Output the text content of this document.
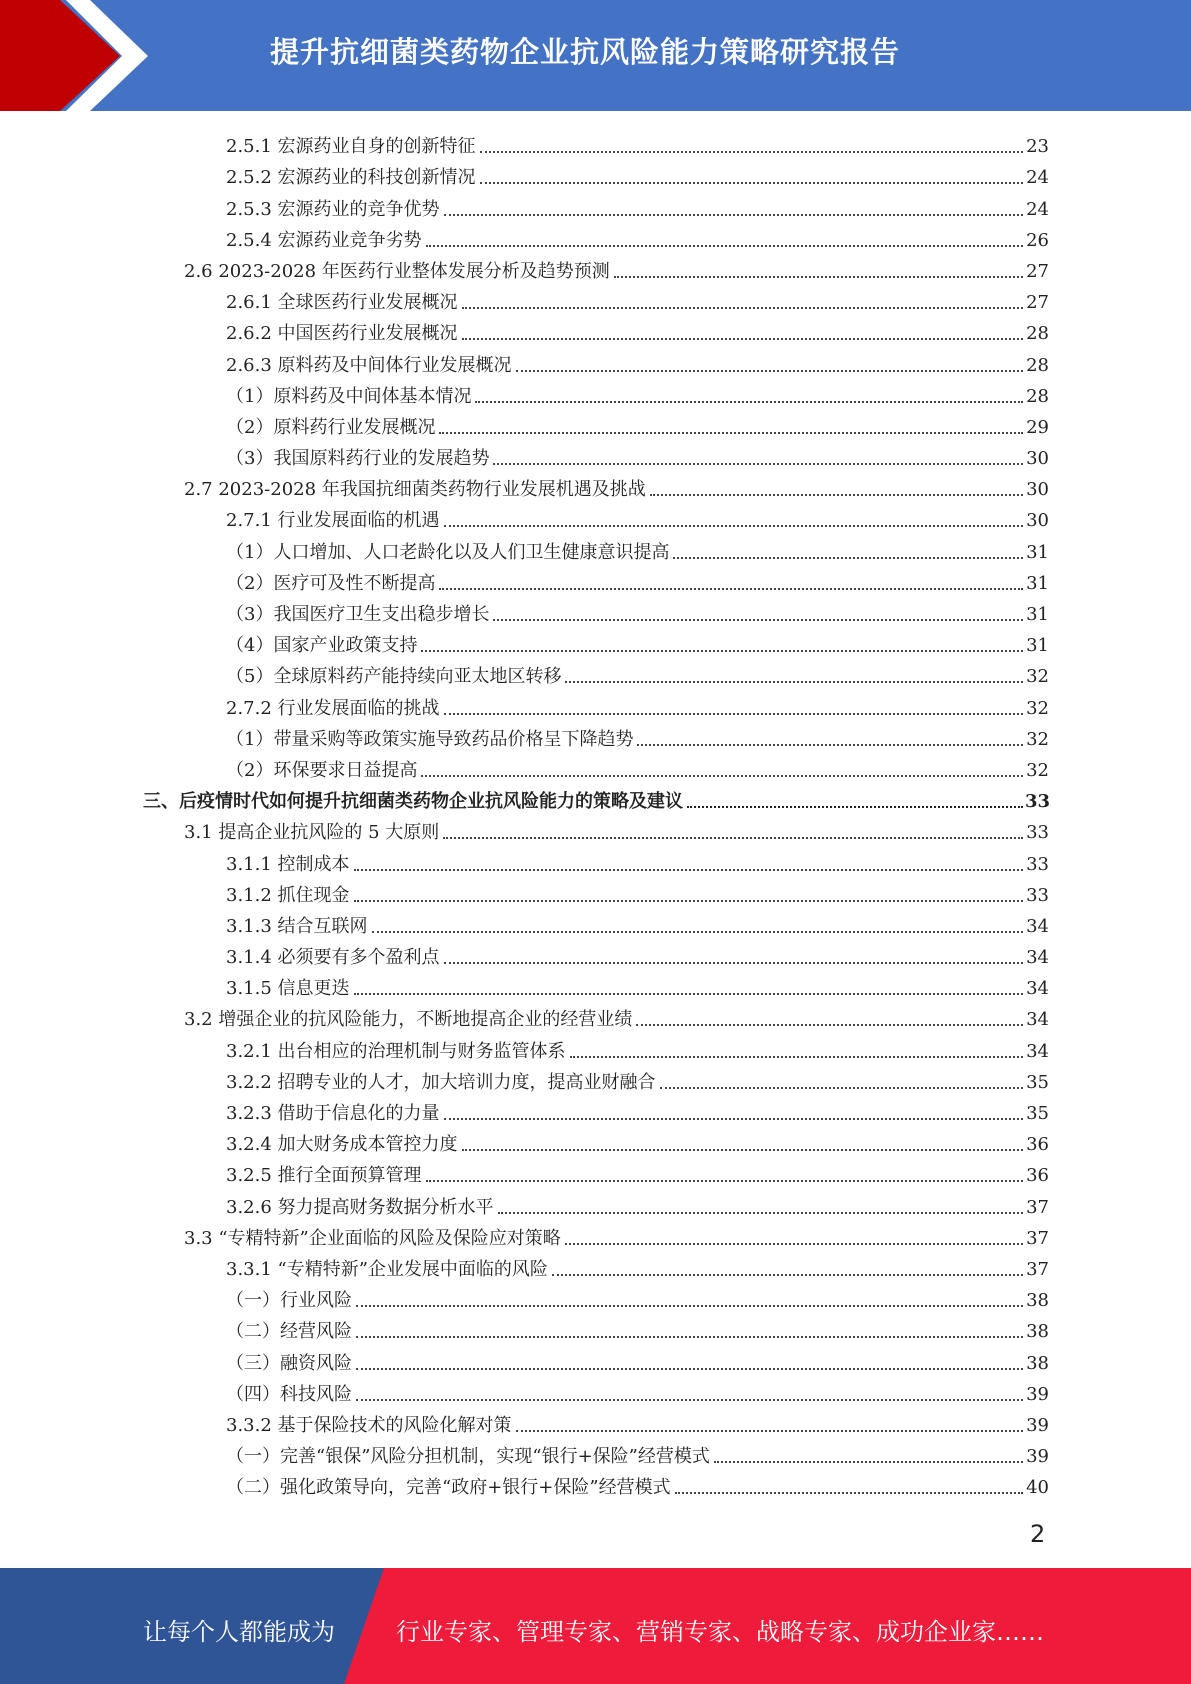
提升抗细菌类药物企业抗风险能力策略研究报告
2.5.1 宏源药业自身的创新特征	23
2.5.2 宏源药业的科技创新情况	24
2.5.3 宏源药业的竞争优势	24
2.5.4 宏源药业竞争劣势	26
2.6 2023-2028 年医药行业整体发展分析及趋势预测	27
2.6.1 全球医药行业发展概况	27
2.6.2 中国医药行业发展概况	28
2.6.3 原料药及中间体行业发展概况	28
（1）原料药及中间体基本情况	28
（2）原料药行业发展概况	29
（3）我国原料药行业的发展趋势	30
2.7 2023-2028 年我国抗细菌类药物行业发展机遇及挑战	30
2.7.1 行业发展面临的机遇	30
（1）人口增加、人口老龄化以及人们卫生健康意识提高	31
（2）医疗可及性不断提高	31
（3）我国医疗卫生支出稳步增长	31
（4）国家产业政策支持	31
（5）全球原料药产能持续向亚太地区转移	32
2.7.2 行业发展面临的挑战	32
（1）带量采购等政策实施导致药品价格呈下降趋势	32
（2）环保要求日益提高	32
三、后疫情时代如何提升抗细菌类药物企业抗风险能力的策略及建议	33
3.1 提高企业抗风险的 5 大原则	33
3.1.1 控制成本	33
3.1.2 抓住现金	33
3.1.3 结合互联网	34
3.1.4 必须要有多个盈利点	34
3.1.5 信息更迭	34
3.2 增强企业的抗风险能力，不断地提高企业的经营业绩	34
3.2.1 出台相应的治理机制与财务监管体系	34
3.2.2 招聘专业的人才，加大培训力度，提高业财融合	35
3.2.3 借助于信息化的力量	35
3.2.4 加大财务成本管控力度	36
3.2.5 推行全面预算管理	36
3.2.6 努力提高财务数据分析水平	37
3.3 “专精特新”企业面临的风险及保险应对策略	37
3.3.1 “专精特新”企业发展中面临的风险	37
（一）行业风险	38
（二）经营风险	38
（三）融资风险	38
（四）科技风险	39
3.3.2 基于保险技术的风险化解对策	39
（一）完善“银保”风险分担机制，实现“银行+保险”经营模式	39
（二）强化政策导向，完善“政府+银行+保险”经营模式	40
2
让每个人都能成为	行业专家、管理专家、营销专家、战略专家、成功企业家……
